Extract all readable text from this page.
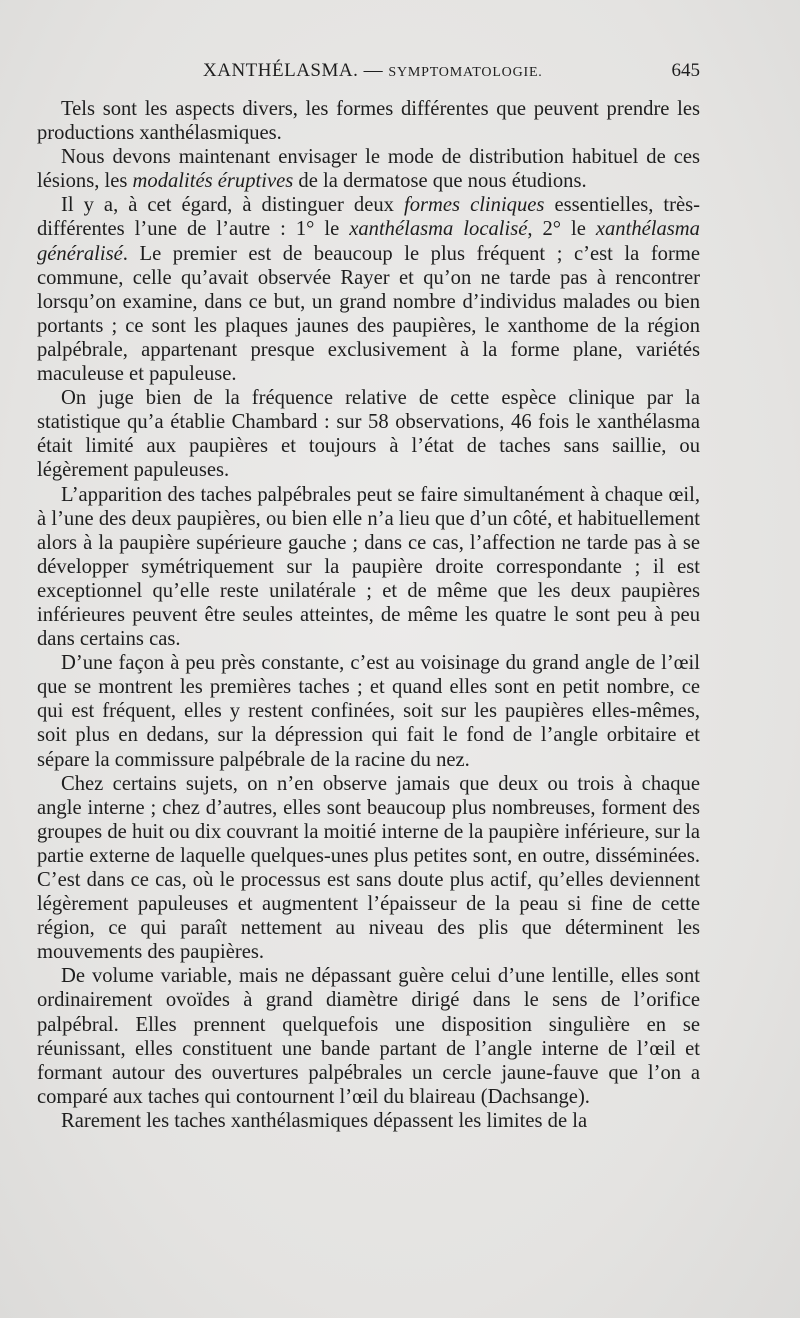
XANTHÉLASMA. — SYMPTOMATOLOGIE.	645

Tels sont les aspects divers, les formes différentes que peuvent prendre les productions xanthélasmiques.

Nous devons maintenant envisager le mode de distribution habituel de ces lésions, les modalités éruptives de la dermatose que nous étudions.

Il y a, à cet égard, à distinguer deux formes cliniques essentielles, très-différentes l’une de l’autre : 1° le xanthélasma localisé, 2° le xanthélasma généralisé. Le premier est de beaucoup le plus fréquent ; c’est la forme commune, celle qu’avait observée Rayer et qu’on ne tarde pas à rencontrer lorsqu’on examine, dans ce but, un grand nombre d’individus malades ou bien portants ; ce sont les plaques jaunes des paupières, le xanthome de la région palpébrale, appartenant presque exclusivement à la forme plane, variétés maculeuse et papuleuse.

On juge bien de la fréquence relative de cette espèce clinique par la statistique qu’a établie Chambard : sur 58 observations, 46 fois le xanthélasma était limité aux paupières et toujours à l’état de taches sans saillie, ou légèrement papuleuses.

L’apparition des taches palpébrales peut se faire simultanément à chaque œil, à l’une des deux paupières, ou bien elle n’a lieu que d’un côté, et habituellement alors à la paupière supérieure gauche ; dans ce cas, l’affection ne tarde pas à se développer symétriquement sur la paupière droite correspondante ; il est exceptionnel qu’elle reste unilatérale ; et de même que les deux paupières inférieures peuvent être seules atteintes, de même les quatre le sont peu à peu dans certains cas.

D’une façon à peu près constante, c’est au voisinage du grand angle de l’œil que se montrent les premières taches ; et quand elles sont en petit nombre, ce qui est fréquent, elles y restent confinées, soit sur les paupières elles-mêmes, soit plus en dedans, sur la dépression qui fait le fond de l’angle orbitaire et sépare la commissure palpébrale de la racine du nez.

Chez certains sujets, on n’en observe jamais que deux ou trois à chaque angle interne ; chez d’autres, elles sont beaucoup plus nombreuses, forment des groupes de huit ou dix couvrant la moitié interne de la paupière inférieure, sur la partie externe de laquelle quelques-unes plus petites sont, en outre, disséminées. C’est dans ce cas, où le processus est sans doute plus actif, qu’elles deviennent légèrement papuleuses et augmentent l’épaisseur de la peau si fine de cette région, ce qui paraît nettement au niveau des plis que déterminent les mouvements des paupières.

De volume variable, mais ne dépassant guère celui d’une lentille, elles sont ordinairement ovoïdes à grand diamètre dirigé dans le sens de l’orifice palpébral. Elles prennent quelquefois une disposition singulière en se réunissant, elles constituent une bande partant de l’angle interne de l’œil et formant autour des ouvertures palpébrales un cercle jaune-fauve que l’on a comparé aux taches qui contournent l’œil du blaireau (Dachsange).

Rarement les taches xanthélasmiques dépassent les limites de la
